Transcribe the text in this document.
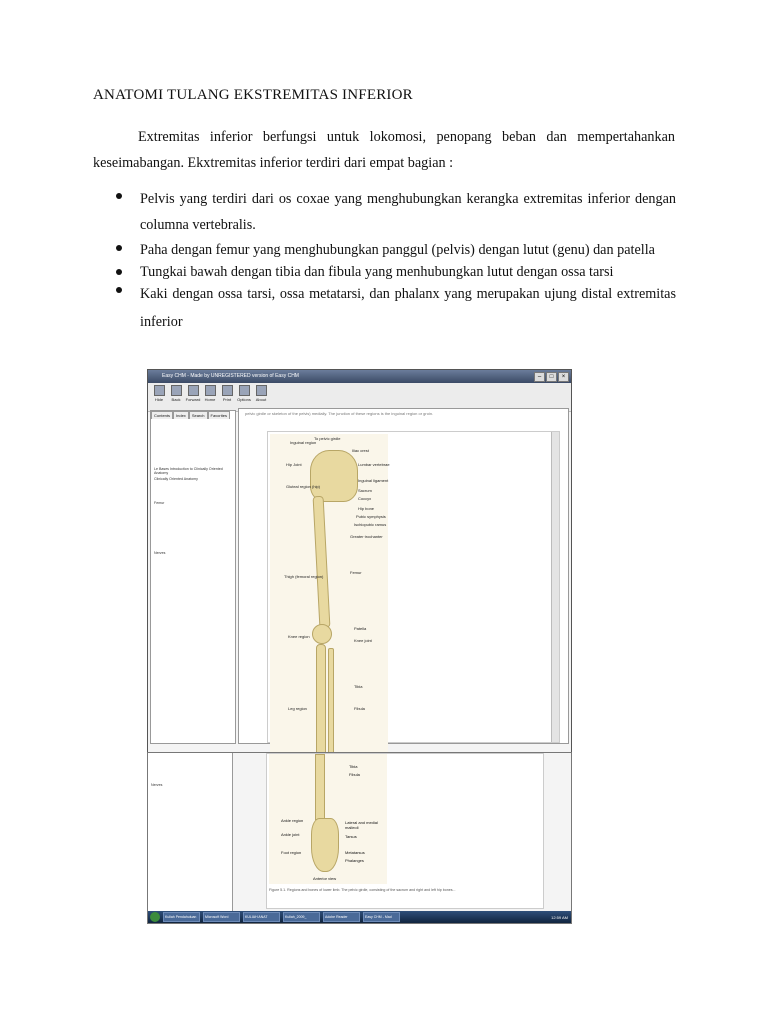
ANATOMI TULANG EKSTREMITAS INFERIOR
Extremitas inferior berfungsi untuk lokomosi, penopang beban dan mempertahankan keseimabangan. Ekxtremitas inferior terdiri dari empat bagian :
Pelvis yang terdiri dari os coxae yang menghubungkan kerangka extremitas inferior dengan columna vertebralis.
Paha dengan femur yang menghubungkan panggul (pelvis) dengan lutut (genu) dan patella
Tungkai bawah dengan tibia dan fibula yang menhubungkan lutut dengan ossa tarsi
Kaki dengan ossa tarsi, ossa metatarsi, dan phalanx yang merupakan ujung distal extremitas inferior
Easy CHM - Made by UNREGISTERED version of Easy CHM	–	□	×
Hide Back Forward Home Print Options About
Contents	Index	Search	Favorites
Le Bases Introduction to Clinically Oriented Anatomy
Clinically Oriented Anatomy
Femur
Nerves
pelvic girdle or skeleton of the pelvis) medially. The junction of these regions is the inguinal region or groin.
To pelvic girdle
Inguinal region
Hip Joint
Gluteal region (hip)
Thigh (femoral region)
Knee region
Leg region
Iliac crest
Lumbar vertebrae
Inguinal ligament
Sacrum
Coccyx
Hip bone
Pubic symphysis
Ischiopubic ramus
Greater trochanter
Femur
Patella
Knee joint
Tibia
Fibula
Nerves
Tibia
Fibula
Ankle region
Ankle joint
Foot region
Lateral and medial malleoli
Tarsus
Metatarsus
Phalanges
Anterior view
Figure 5.1. Regions and bones of lower limb. The pelvic girdle, consisting of the sacrum and right and left hip bones...
Kuliah Pendahuluan	Microsoft Word	KULIAH ANAT	Kuliah_2009_	Adobe Reader	Easy CHM - Mad	12:59 AM
